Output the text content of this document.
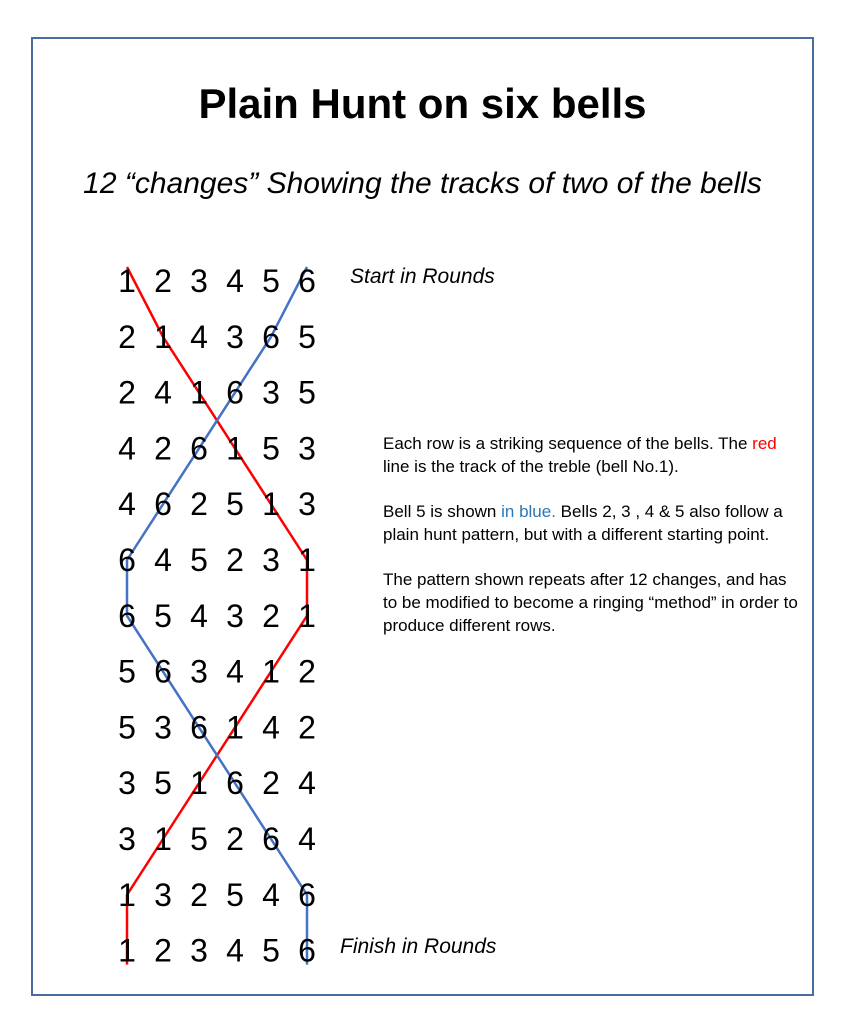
Plain Hunt on six bells
12 “changes” Showing the tracks of two of the bells
1 2 3 4 5 6
2 1 4 3 6 5
2 4 1 6 3 5
4 2 6 1 5 3
4 6 2 5 1 3
6 4 5 2 3 1
6 5 4 3 2 1
5 6 3 4 1 2
5 3 6 1 4 2
3 5 1 6 2 4
3 1 5 2 6 4
1 3 2 5 4 6
1 2 3 4 5 6
Start in Rounds
Finish in Rounds

Each row is a striking sequence of the bells. The red line is the track of the treble (bell No.1).

Bell 5 is shown in blue. Bells 2, 3 , 4 & 5 also follow a plain hunt pattern, but with a different starting point.

The pattern shown repeats after 12 changes, and has to be modified to become a ringing “method” in order to produce different rows.
